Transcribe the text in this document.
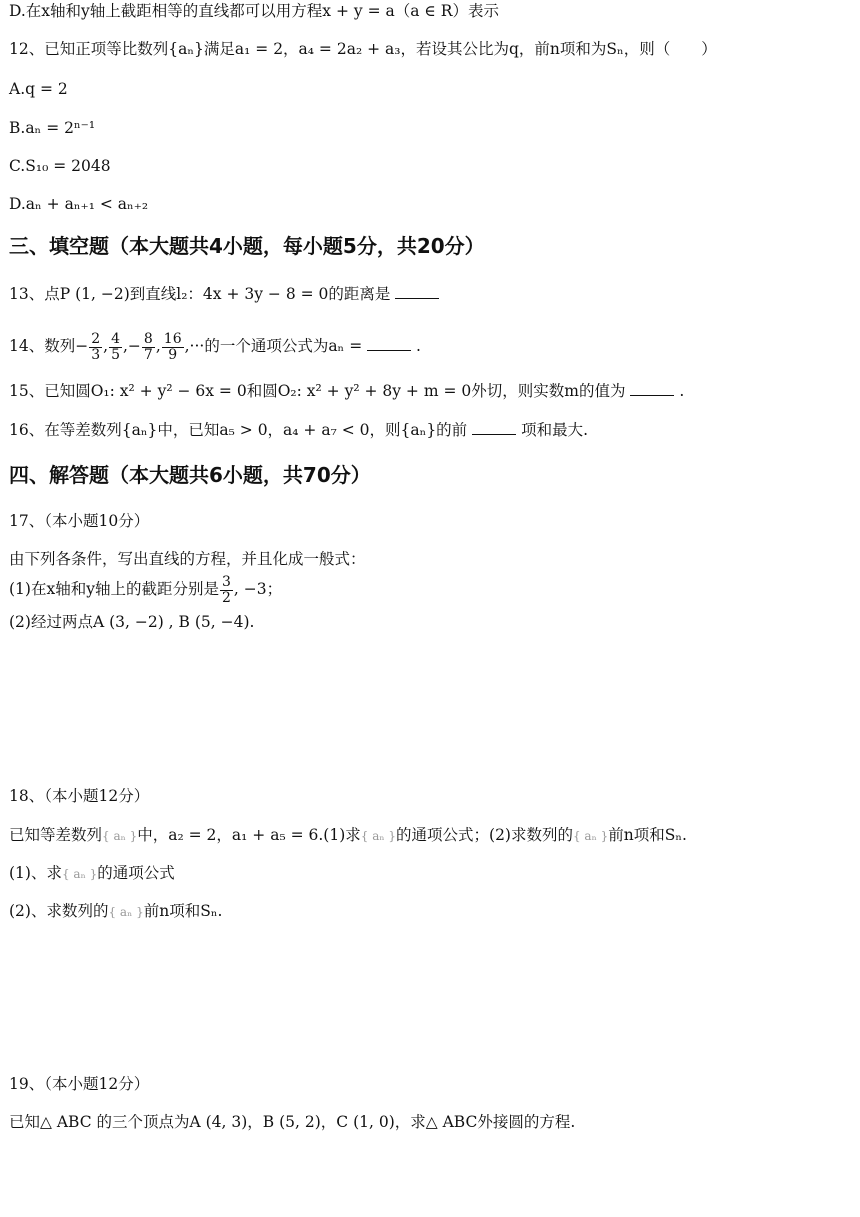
D.在x轴和y轴上截距相等的直线都可以用方程x + y = a（a ∈ R）表示
12、已知正项等比数列{aₙ}满足a₁ = 2，a₄ = 2a₂ + a₃，若设其公比为q，前n项和为Sₙ，则（　　）
A.q = 2
B.aₙ = 2ⁿ⁻¹
C.S₁₀ = 2048
D.aₙ + aₙ₊₁ < aₙ₊₂
三、填空题（本大题共4小题，每小题5分，共20分）
13、点P (1, −2)到直线l₂：4x + 3y − 8 = 0的距离是
14、数列− $\frac{2}{3}$ , $\frac{4}{5}$ ,− $\frac{8}{7}$ , $\frac{16}{9}$ ,···的一个通项公式为aₙ =	.
15、已知圆O₁: x² + y² − 6x = 0和圆O₂: x² + y² + 8y + m = 0外切，则实数m的值为	.
16、在等差数列{aₙ}中，已知a₅ > 0，a₄ + a₇ < 0，则{aₙ}的前	项和最大.
四、解答题（本大题共6小题，共70分）
17、（本小题10分）
由下列各条件，写出直线的方程，并且化成一般式：
(1)在x轴和y轴上的截距分别是 $\frac{3}{2}$ , −3；
(2)经过两点A (3, −2) , B (5, −4).
18、（本小题12分）
已知等差数列{ aₙ }中，a₂ = 2，a₁ + a₅ = 6.(1)求{ aₙ }的通项公式；(2)求数列的{ aₙ }前n项和Sₙ.
(1)、求{ aₙ }的通项公式
(2)、求数列的{ aₙ }前n项和Sₙ.
19、（本小题12分）
已知△ ABC 的三个顶点为A (4, 3)，B (5, 2)，C (1, 0)，求△ ABC外接圆的方程.
